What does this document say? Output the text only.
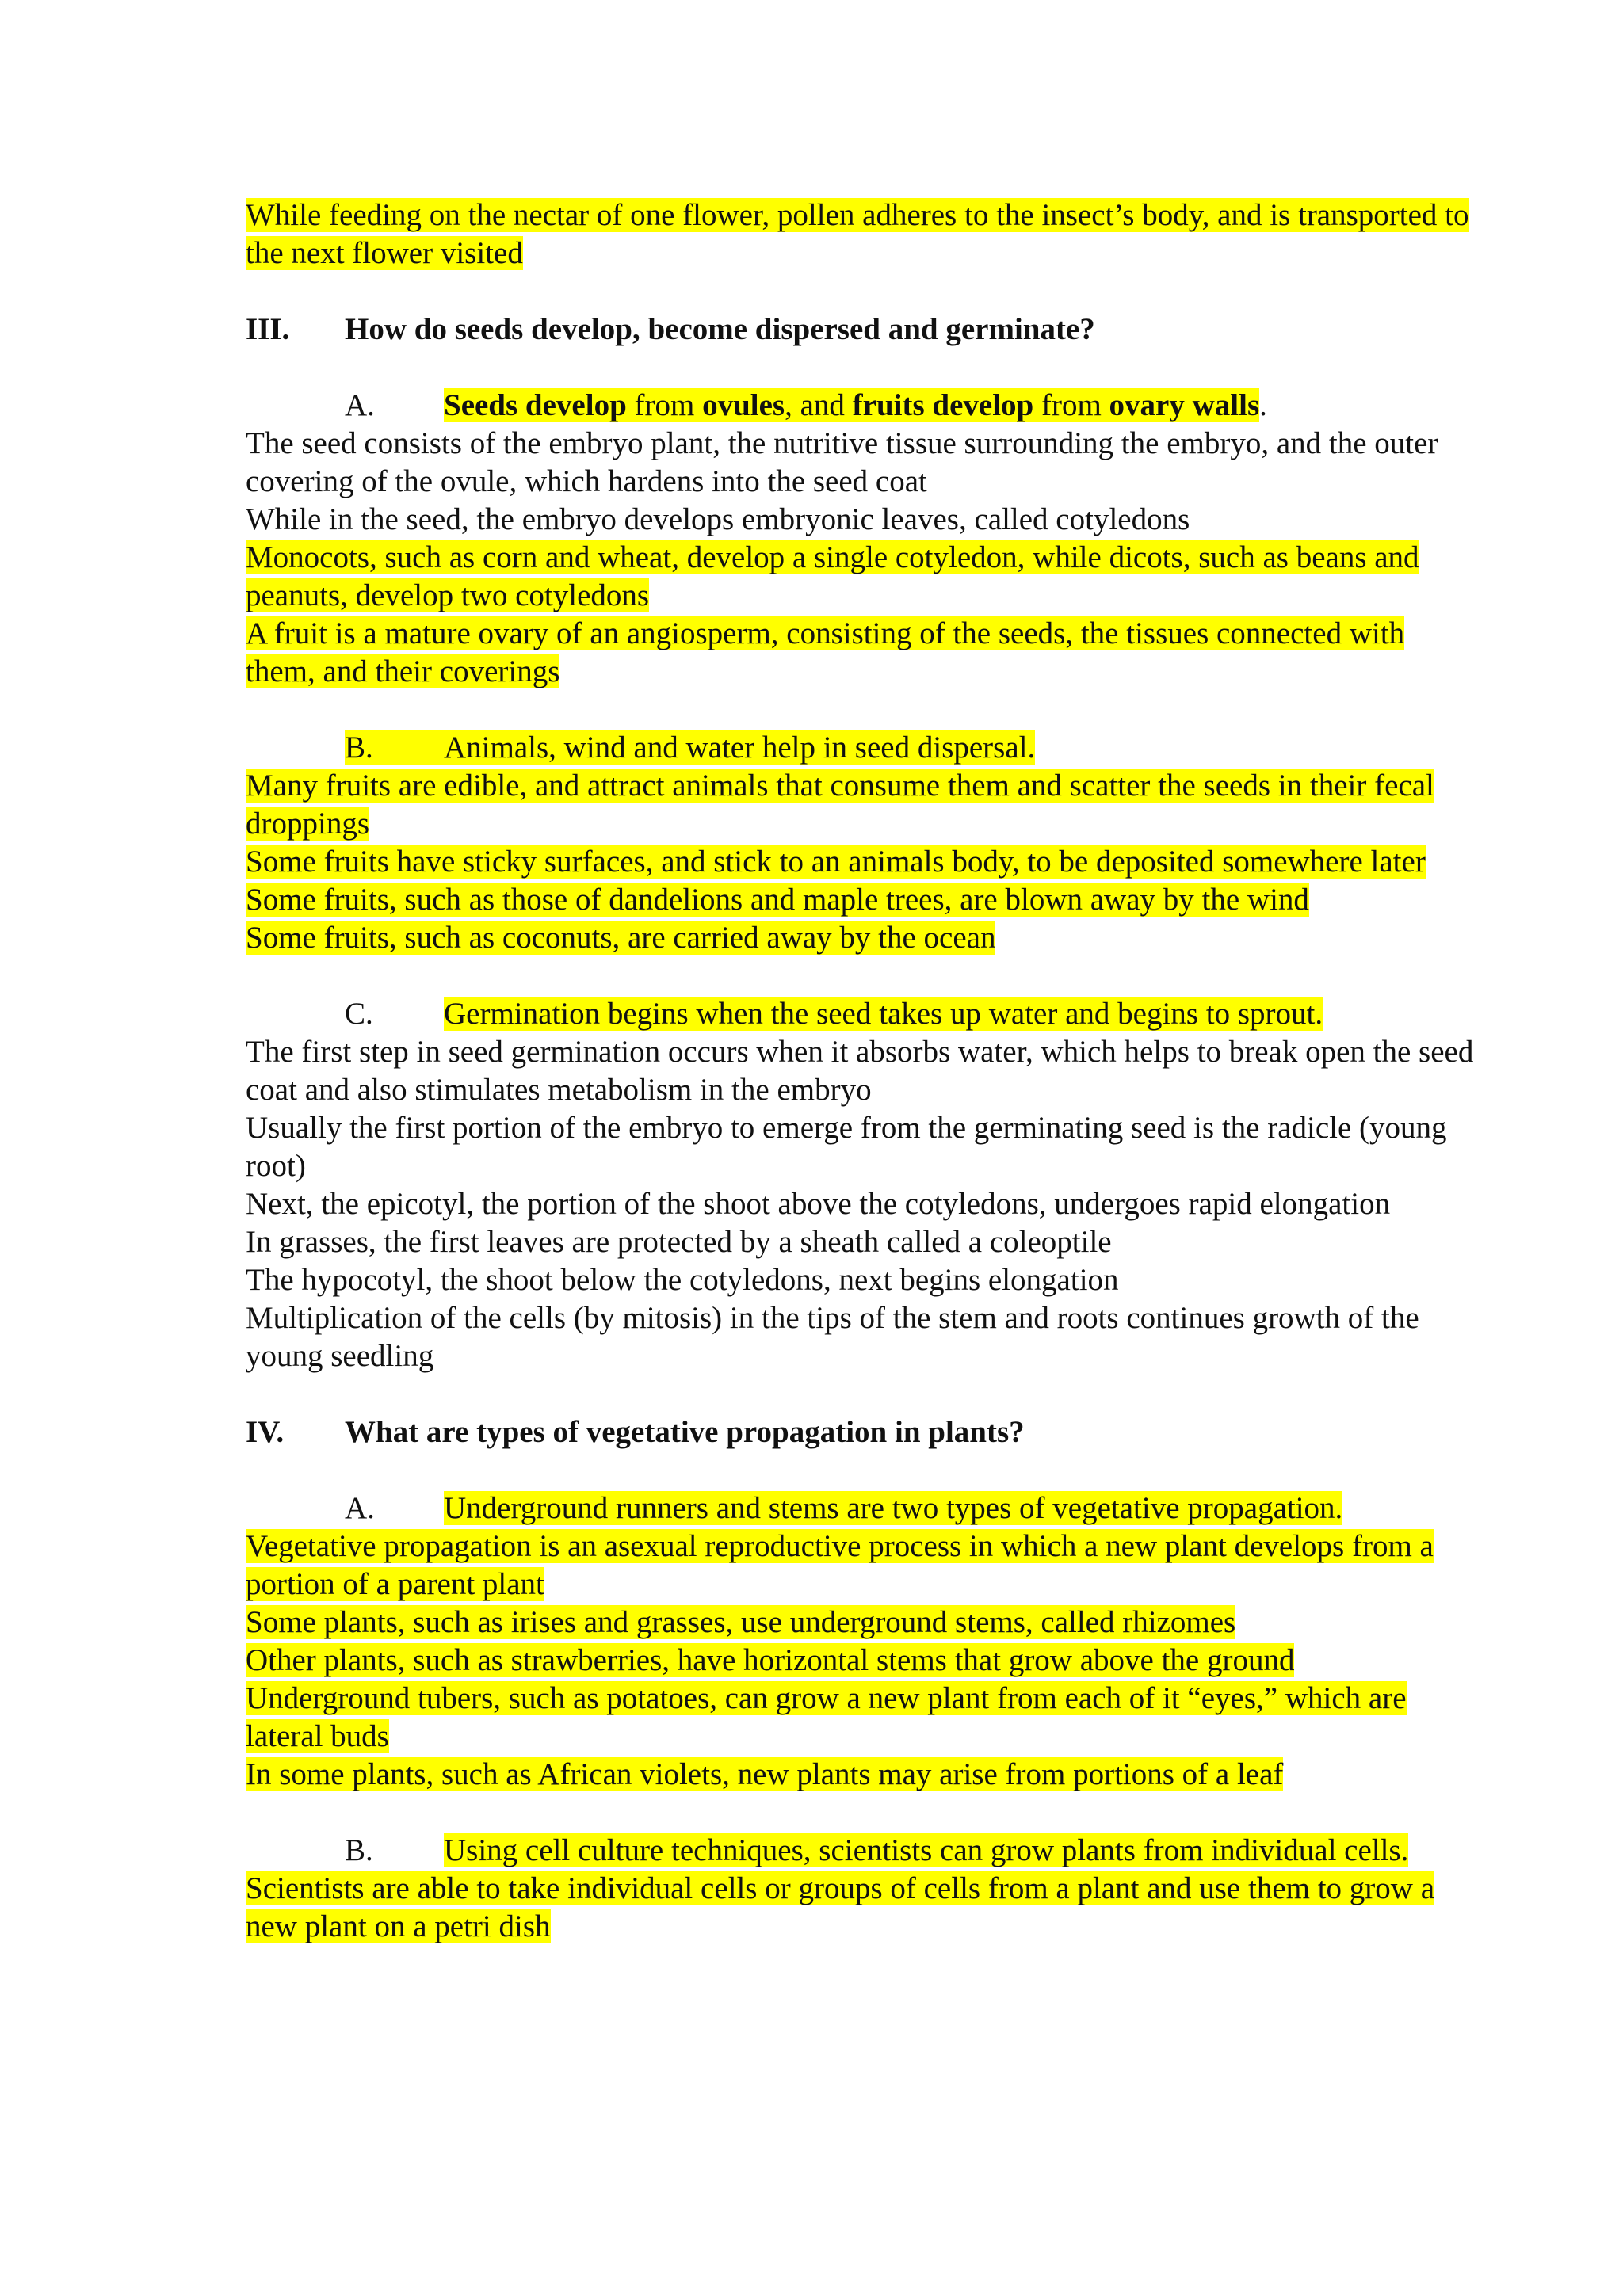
While feeding on the nectar of one flower, pollen adheres to the insect’s body, and is transported to
the next flower visited
III. How do seeds develop, become dispersed and germinate?
A. Seeds develop from ovules, and fruits develop from ovary walls.
The seed consists of the embryo plant, the nutritive tissue surrounding the embryo, and the outer
covering of the ovule, which hardens into the seed coat
While in the seed, the embryo develops embryonic leaves, called cotyledons
Monocots, such as corn and wheat, develop a single cotyledon, while dicots, such as beans and
peanuts, develop two cotyledons
A fruit is a mature ovary of an angiosperm, consisting of the seeds, the tissues connected with
them, and their coverings
B. Animals, wind and water help in seed dispersal.
Many fruits are edible, and attract animals that consume them and scatter the seeds in their fecal
droppings
Some fruits have sticky surfaces, and stick to an animals body, to be deposited somewhere later
Some fruits, such as those of dandelions and maple trees, are blown away by the wind
Some fruits, such as coconuts, are carried away by the ocean
C. Germination begins when the seed takes up water and begins to sprout.
The first step in seed germination occurs when it absorbs water, which helps to break open the seed
coat and also stimulates metabolism in the embryo
Usually the first portion of the embryo to emerge from the germinating seed is the radicle (young
root)
Next, the epicotyl, the portion of the shoot above the cotyledons, undergoes rapid elongation
In grasses, the first leaves are protected by a sheath called a coleoptile
The hypocotyl, the shoot below the cotyledons, next begins elongation
Multiplication of the cells (by mitosis) in the tips of the stem and roots continues growth of the
young seedling
IV. What are types of vegetative propagation in plants?
A. Underground runners and stems are two types of vegetative propagation.
Vegetative propagation is an asexual reproductive process in which a new plant develops from a
portion of a parent plant
Some plants, such as irises and grasses, use underground stems, called rhizomes
Other plants, such as strawberries, have horizontal stems that grow above the ground
Underground tubers, such as potatoes, can grow a new plant from each of it “eyes,” which are
lateral buds
In some plants, such as African violets, new plants may arise from portions of a leaf
B. Using cell culture techniques, scientists can grow plants from individual cells.
Scientists are able to take individual cells or groups of cells from a plant and use them to grow a
new plant on a petri dish
